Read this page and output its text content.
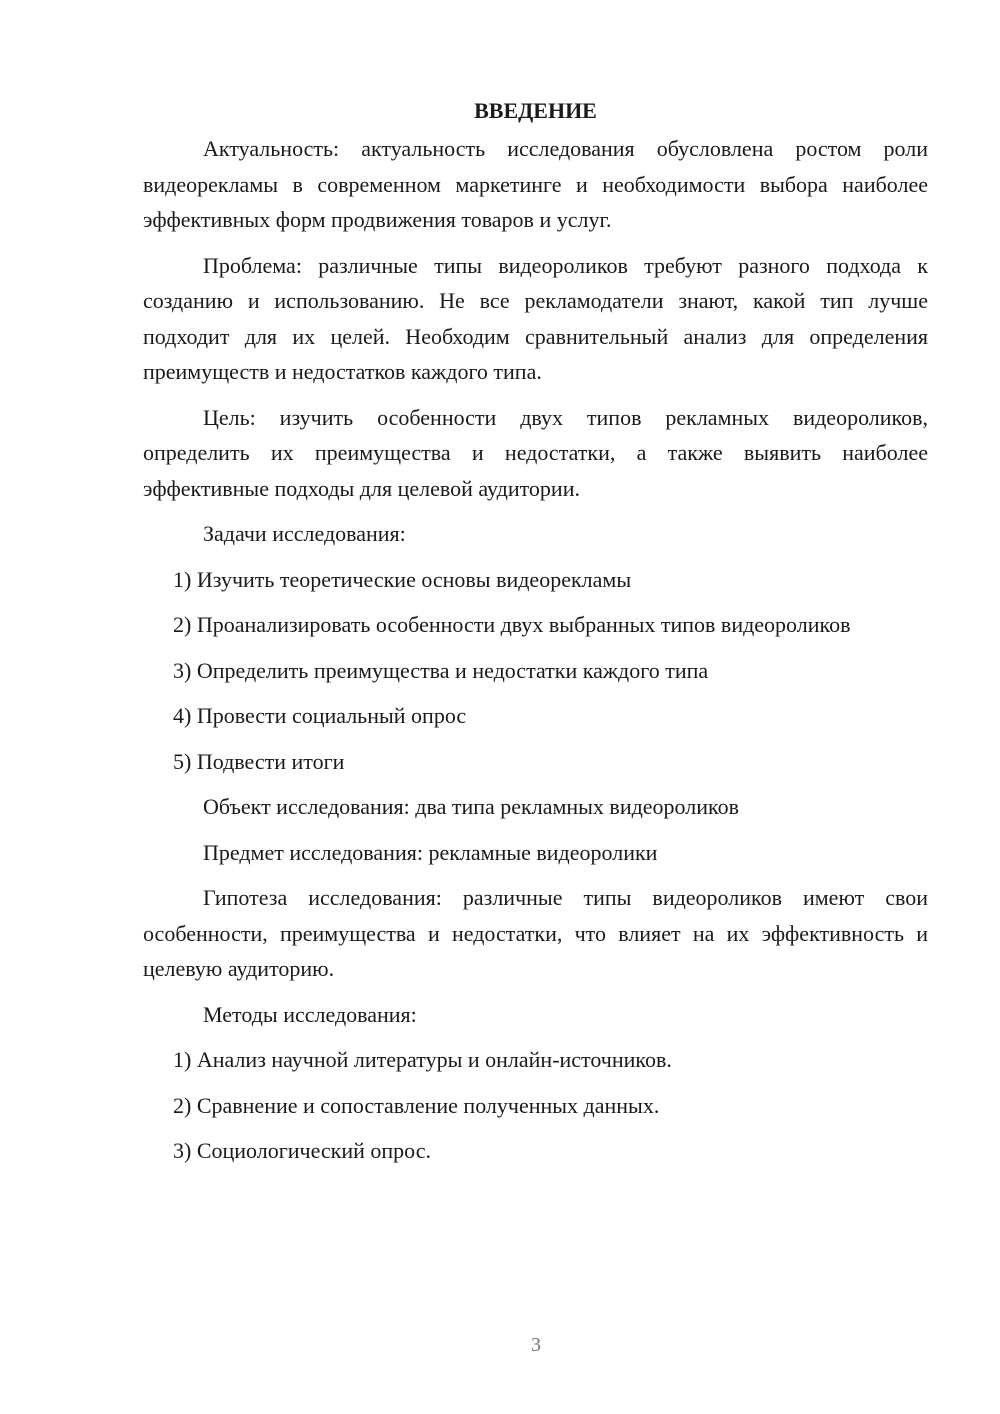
ВВЕДЕНИЕ

Актуальность: актуальность исследования обусловлена ростом роли видеорекламы в современном маркетинге и необходимости выбора наиболее эффективных форм продвижения товаров и услуг.

Проблема: различные типы видеороликов требуют разного подхода к созданию и использованию. Не все рекламодатели знают, какой тип лучше подходит для их целей. Необходим сравнительный анализ для определения преимуществ и недостатков каждого типа.

Цель: изучить особенности двух типов рекламных видеороликов, определить их преимущества и недостатки, а также выявить наиболее эффективные подходы для целевой аудитории.

Задачи исследования:

1) Изучить теоретические основы видеорекламы

2) Проанализировать особенности двух выбранных типов видеороликов

3) Определить преимущества и недостатки каждого типа

4) Провести социальный опрос

5) Подвести итоги

Объект исследования: два типа рекламных видеороликов

Предмет исследования: рекламные видеоролики

Гипотеза исследования: различные типы видеороликов имеют свои особенности, преимущества и недостатки, что влияет на их эффективность и целевую аудиторию.

Методы исследования:

1) Анализ научной литературы и онлайн-источников.

2) Сравнение и сопоставление полученных данных.

3) Социологический опрос.

3
